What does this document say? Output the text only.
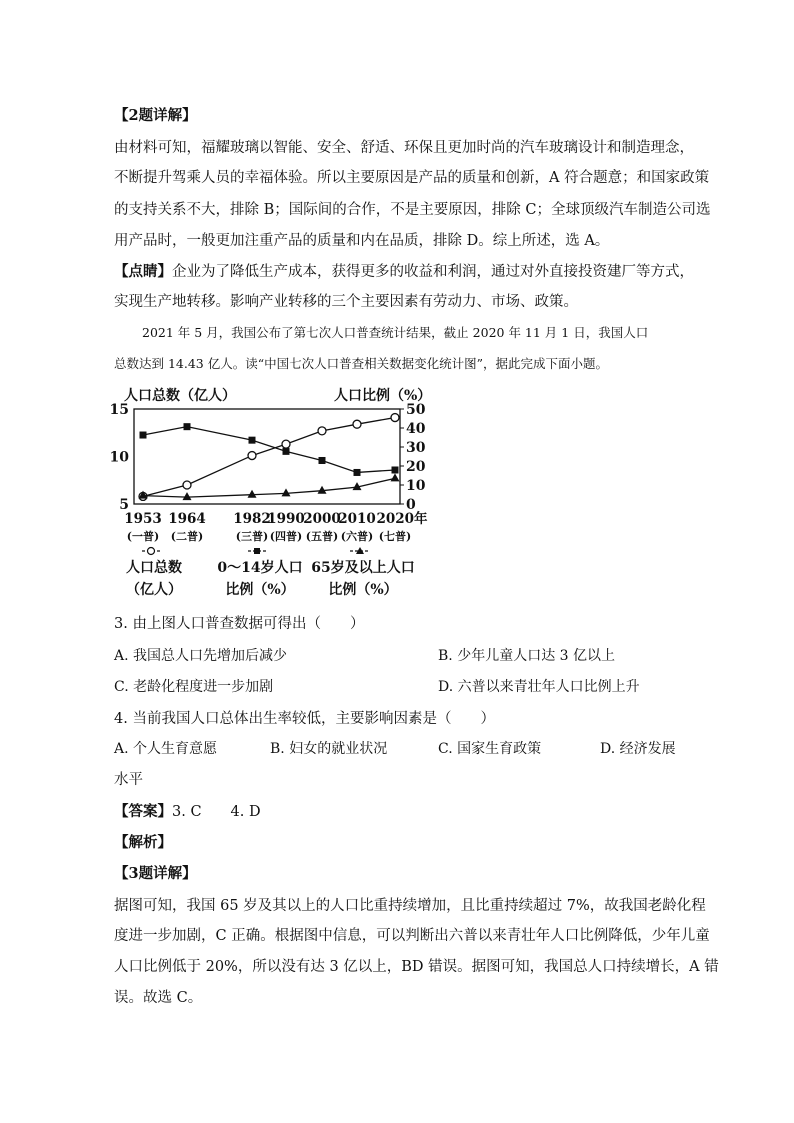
【2题详解】
由材料可知，福耀玻璃以智能、安全、舒适、环保且更加时尚的汽车玻璃设计和制造理念，
不断提升驾乘人员的幸福体验。所以主要原因是产品的质量和创新，A 符合题意；和国家政策
的支持关系不大，排除 B；国际间的合作，不是主要原因，排除 C；全球顶级汽车制造公司选
用产品时，一般更加注重产品的质量和内在品质，排除 D。综上所述，选 A。
【点睛】企业为了降低生产成本，获得更多的收益和利润，通过对外直接投资建厂等方式，
实现生产地转移。影响产业转移的三个主要因素有劳动力、市场、政策。
2021 年 5 月，我国公布了第七次人口普查统计结果，截止 2020 年 11 月 1 日，我国人口
总数达到 14.43 亿人。读“中国七次人口普查相关数据变化统计图”，据此完成下面小题。
15
10
5
50
40
30
20
10
0
人口总数（亿人）	人口比例（%）
1953
(一普)
1964
(二普)
1982
(三普)
1990
(四普)
2000
(五普)
2010
(六普)
2020年
(七普)
人口总数
（亿人）
0～14岁人口
比例（%）
65岁及以上人口
比例（%）
3. 由上图人口普查数据可得出（　　）
A. 我国总人口先增加后减少	B. 少年儿童人口达 3 亿以上
C. 老龄化程度进一步加剧	D. 六普以来青壮年人口比例上升
4. 当前我国人口总体出生率较低，主要影响因素是（　　）
A. 个人生育意愿	B. 妇女的就业状况	C. 国家生育政策	D. 经济发展
水平
【答案】3. C　　4. D
【解析】
【3题详解】
据图可知，我国 65 岁及其以上的人口比重持续增加，且比重持续超过 7%，故我国老龄化程
度进一步加剧，C 正确。根据图中信息，可以判断出六普以来青壮年人口比例降低，少年儿童
人口比例低于 20%，所以没有达 3 亿以上，BD 错误。据图可知，我国总人口持续增长，A 错
误。故选 C。
